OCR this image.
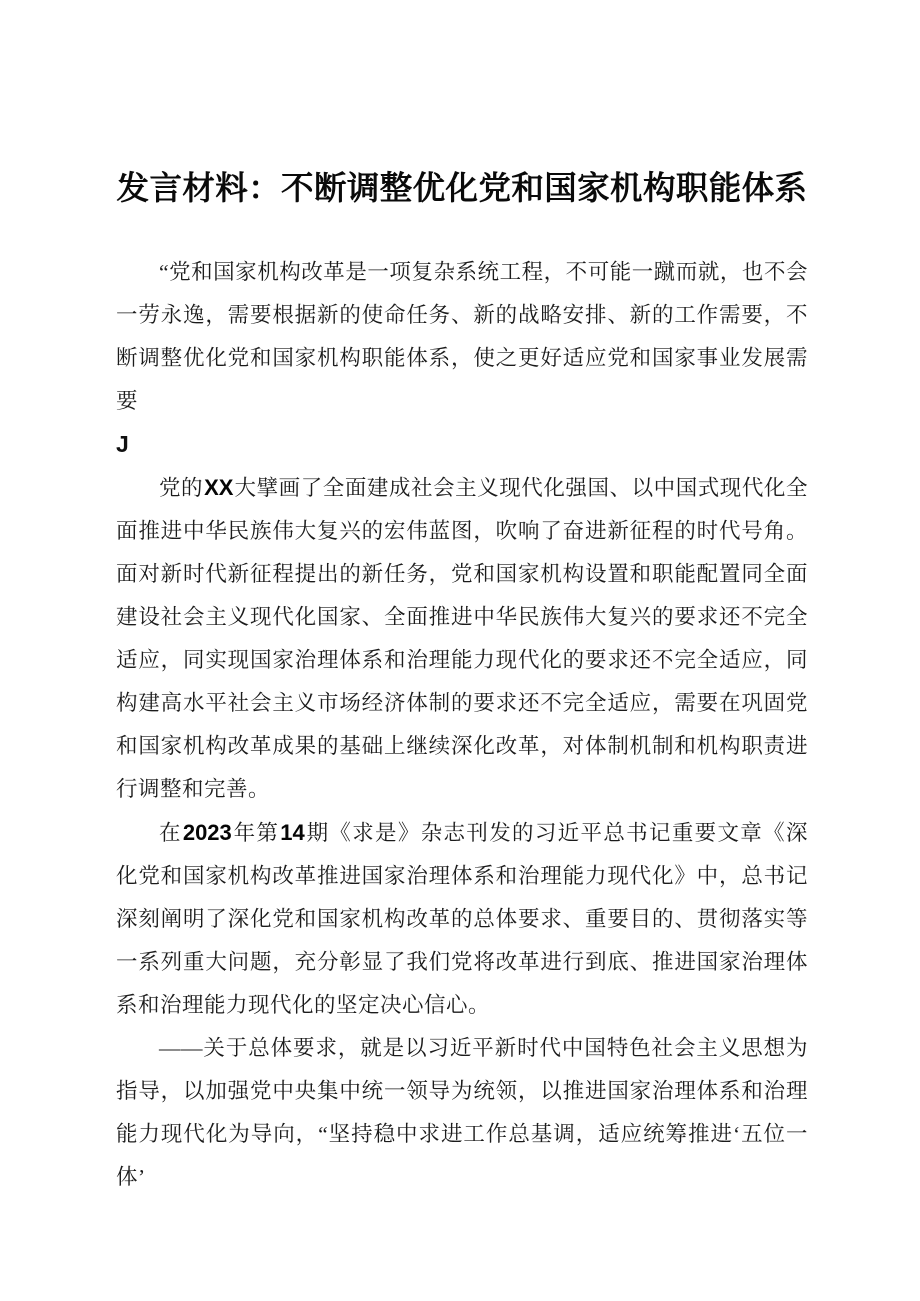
发言材料：不断调整优化党和国家机构职能体系

“党和国家机构改革是一项复杂系统工程，不可能一蹴而就，也不会一劳永逸，需要根据新的使命任务、新的战略安排、新的工作需要，不断调整优化党和国家机构职能体系，使之更好适应党和国家事业发展需要

J

党的XX大擘画了全面建成社会主义现代化强国、以中国式现代化全面推进中华民族伟大复兴的宏伟蓝图，吹响了奋进新征程的时代号角。面对新时代新征程提出的新任务，党和国家机构设置和职能配置同全面建设社会主义现代化国家、全面推进中华民族伟大复兴的要求还不完全适应，同实现国家治理体系和治理能力现代化的要求还不完全适应，同构建高水平社会主义市场经济体制的要求还不完全适应，需要在巩固党和国家机构改革成果的基础上继续深化改革，对体制机制和机构职责进行调整和完善。

在2023年第14期《求是》杂志刊发的习近平总书记重要文章《深化党和国家机构改革推进国家治理体系和治理能力现代化》中，总书记深刻阐明了深化党和国家机构改革的总体要求、重要目的、贯彻落实等一系列重大问题，充分彰显了我们党将改革进行到底、推进国家治理体系和治理能力现代化的坚定决心信心。

——关于总体要求，就是以习近平新时代中国特色社会主义思想为指导，以加强党中央集中统一领导为统领，以推进国家治理体系和治理能力现代化为导向，“坚持稳中求进工作总基调，适应统筹推进‘五位一体’
